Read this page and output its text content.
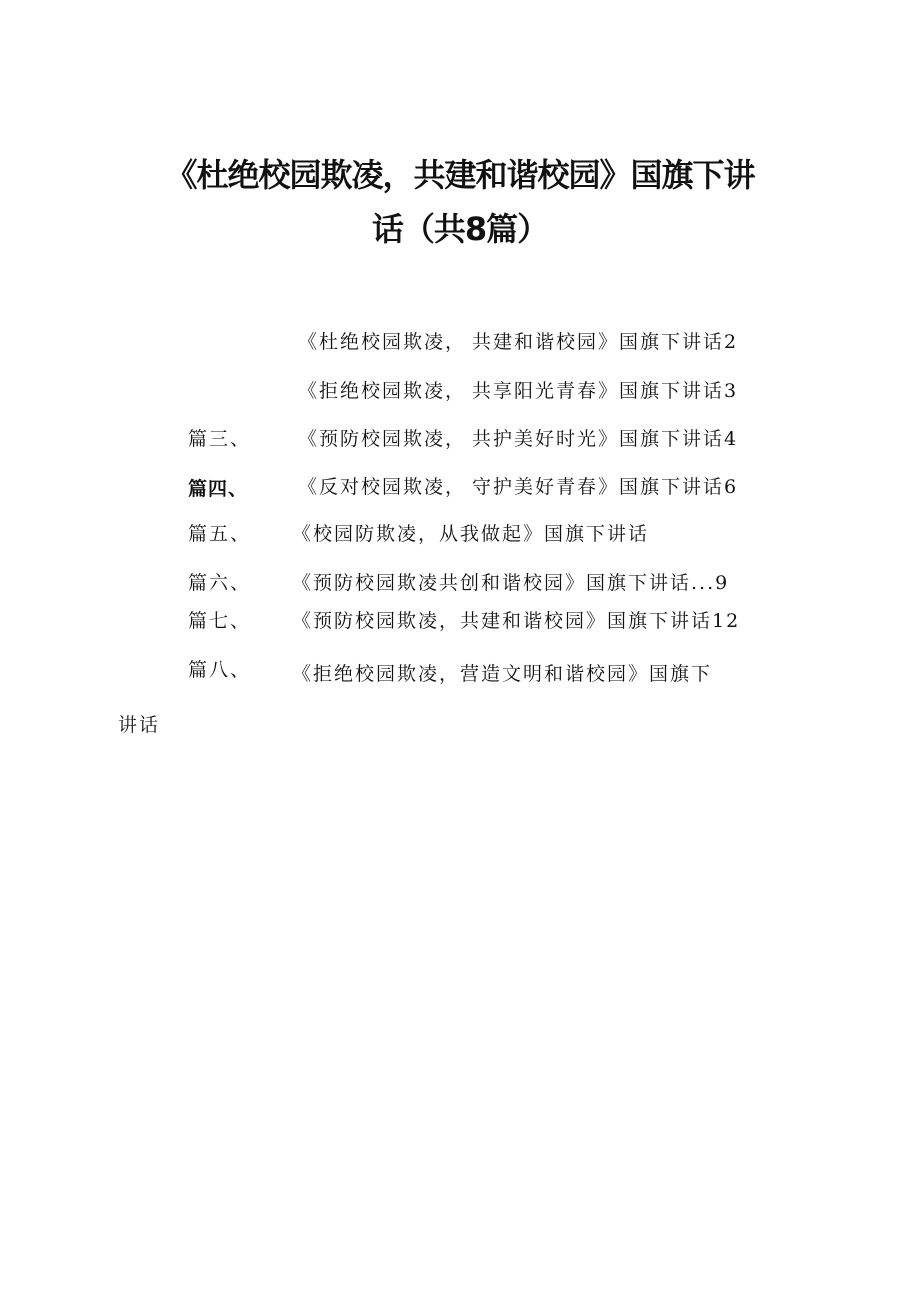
《杜绝校园欺凌，共建和谐校园》国旗下讲
话（共8篇）
《杜绝校园欺凌， 共建和谐校园》国旗下讲话2
《拒绝校园欺凌， 共享阳光青春》国旗下讲话3
篇三、 《预防校园欺凌， 共护美好时光》国旗下讲话4
篇四、	《反对校园欺凌， 守护美好青春》国旗下讲话6
篇五、 《校园防欺凌，从我做起》国旗下讲话
篇六、 《预防校园欺凌共创和谐校园》国旗下讲话...9
篇七、 《预防校园欺凌，共建和谐校园》国旗下讲话12
篇八、 《拒绝校园欺凌，营造文明和谐校园》国旗下
讲话
